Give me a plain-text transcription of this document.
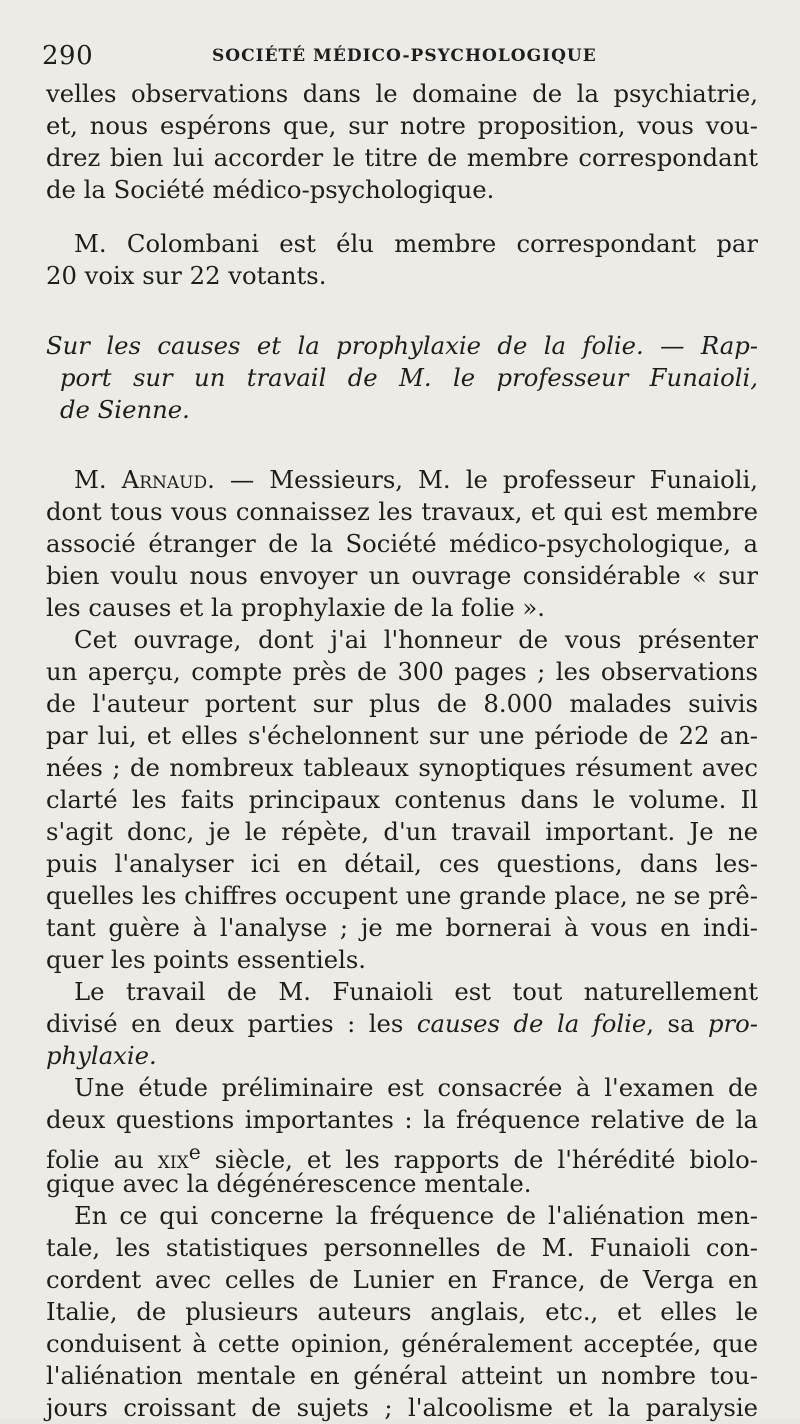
290	SOCIÉTÉ MÉDICO-PSYCHOLOGIQUE
velles observations dans le domaine de la psychiatrie,
et, nous espérons que, sur notre proposition, vous vou-
drez bien lui accorder le titre de membre correspondant
de la Société médico-psychologique.
M. Colombani est élu membre correspondant par
20 voix sur 22 votants.
Sur les causes et la prophylaxie de la folie. — Rap-
port sur un travail de M. le professeur Funaioli,
de Sienne.
M. Arnaud. — Messieurs, M. le professeur Funaioli,
dont tous vous connaissez les travaux, et qui est membre
associé étranger de la Société médico-psychologique, a
bien voulu nous envoyer un ouvrage considérable « sur
les causes et la prophylaxie de la folie ».
Cet ouvrage, dont j'ai l'honneur de vous présenter
un aperçu, compte près de 300 pages ; les observations
de l'auteur portent sur plus de 8.000 malades suivis
par lui, et elles s'échelonnent sur une période de 22 an-
nées ; de nombreux tableaux synoptiques résument avec
clarté les faits principaux contenus dans le volume. Il
s'agit donc, je le répète, d'un travail important. Je ne
puis l'analyser ici en détail, ces questions, dans les-
quelles les chiffres occupent une grande place, ne se prê-
tant guère à l'analyse ; je me bornerai à vous en indi-
quer les points essentiels.
Le travail de M. Funaioli est tout naturellement
divisé en deux parties : les causes de la folie, sa pro-
phylaxie.
Une étude préliminaire est consacrée à l'examen de
deux questions importantes : la fréquence relative de la
folie au xix$^e$ siècle, et les rapports de l'hérédité biolo-
gique avec la dégénérescence mentale.
En ce qui concerne la fréquence de l'aliénation men-
tale, les statistiques personnelles de M. Funaioli con-
cordent avec celles de Lunier en France, de Verga en
Italie, de plusieurs auteurs anglais, etc., et elles le
conduisent à cette opinion, généralement acceptée, que
l'aliénation mentale en général atteint un nombre tou-
jours croissant de sujets ; l'alcoolisme et la paralysie
